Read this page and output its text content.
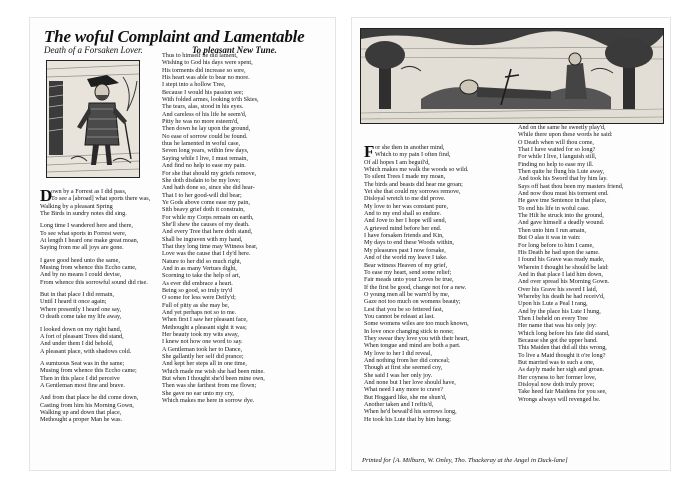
The woful Complaint and Lamentable
Death of a Forsaken Lover.	To pleasant New Tune.
D
own by a Forrest as I did pass,
To see a [abroad] what sports there was,
Walking by a pleasant Spring
The Birds in sundry notes did sing.
Long time I wandered here and there,
To see what sports in Forrest were,
At length I heard one make great moan,
Saying from me all joys are gone.
I gave good heed unto the same,
Musing from whence this Eccho came,
And by no means I could devise,
From whence this sorrowful sound did rise.
But in that place I did remain,
Until I heard it once again;
Where presently I heard one say,
O death come take my life away,
I looked down on my right hand,
A fort of pleasant Trees did stand,
And under them I did behold,
A pleasant place, with shadows cold.
A sumtuous Seat was in the same;
Musing from whence this Eccho came;
Then in this place I did perceive
A Gentleman most fine and brave.
And from that place he did come down,
Casting from him his Morning Gown,
Walking up and down that place,
Methought a proper Man he was.
Thus to himself he did lament,
Wishing to God his days were spent,
His torments did increase so sore,
His heart was able to bear no more.
I stept into a hollow Tree,
Because I would his passion see;
With folded armes, looking to'th Skies,
The tears, alas, stood in his eyes.
And careless of his life he seem'd,
Pitty he was no more esteem'd,
Then down he lay upon the ground,
No ease of sorrow could be found.
thus he lamented in woful case,
Seven long years, within few days,
Saying while I live, I must remain,
And find no help to ease my pain.
For she that should my griefs remove,
She doth disdain to be my love;
And hath done so, since she did hear-
That I to her good-will did bear;
Ye Gods above come ease my pain,
Sith beavy grief doth it constrain,
For while my Corps remain on earth,
She'll shew the causes of my death.
And every Tree that here doth stand,
Shall be ingraven with my hand,
That they long time may Witness bear,
Love was the cause that I dy'd here.
Nature to her did so much right,
And in as many Vertues dight,
Scorning to take the help of art,
As ever did embrace a heart.
Being so good, so truly try'd
O some for less were Deify'd;
Full of pitty as she may be,
And yet perhaps not so to me.
When first I saw her pleasant face,
Methought a pleasant sight it was;
Her beauty took my wits away,
I knew not how one word to say.
A Gentleman took her to Dance,
She gallantly her self did prance;
And kept her steps all in one time,
Which made me wish she had been mine.
But when I thought she'd been mine own,
Then was she farthest from me flown;
She gave no ear unto my cry,
Which makes me here in sorrow dye.
F or she then in another mind,
Which to my pain I often find,
Of all hopes I am beguil'd,
Which makes me walk the woods so wild.
To silent Trees I made my moan,
The birds and beasts did hear me groan;
Yet she that could my sorrows remove,
Disloyal wretch to me did prove.
My love to her was constant pure,
And to my end shall so endure.
And Jove to her I hope will send,
A grieved mind before her end.
I have forsaken friends and Kin,
My days to end these Woods within,
My pleasures past I now forsake,
And of the world my leave I take.
Bear witness Heaven of my grief,
To ease my heart, send some relief;
Fair meads unto your Loves be true,
If the first be good, change not for a new.
O young men all be warn'd by me,
Gaze not too much on womens beauty;
Lest that you be so fettered fast,
You cannot be releast at last.
Some womens wiles are too much known,
In love once changing stick to none;
They swear they love you with their heart,
When tongue and mind are both a part.
My love to her I did reveal,
And nothing from her did conceal;
Though at first she seemed coy,
She said I was her only joy.
And none but I her love should have,
What need I any more to crave?
But Hoggard like, she me shun'd,
Another taken and I reftis'd,
When he'd bewail'd his sorrows long,
He took his Lute that by him hung;
And on the same he sweetly play'd,
While there upon these words he said:
O Death when will thou come,
That I have waited for so long?
For while I live, I languish still,
Finding no help to ease my ill.
Then quite he flung his Lute away,
And took his Sword that by him lay.
Says off hast thou been my masters friend,
And now thou must his torment end.
He gave tme Sentence in that place,
To end his life in woful case.
The Hilt he struck into the ground,
And gave himself a deadly wound.
Then unto him I run amain,
But O alas it was in vain:
For long before to him I came,
His Death he had upon the same.
I found his Grave was ready made,
Wherein I thought he should be laid:
And in that place I laid him down,
And over spread his Morning Gown.
Over his Grave his sword I laid,
Whereby his death he had receiv'd,
Upon his Lute a Peal I rang,
And by the place his Lute I hung,
Then I beheld on every Tree
Her name that was his only joy:
Which long before his fate did stand,
Because she got the upper hand.
This Maiden that did all this wrong,
To live a Maid thought it o're long?
But married was to such a one,
As dayly made her sigh and groan.
Her coyness to her former love,
Disloyal now doth truly prove;
Take heed fair Maidens for you see,
Wrongs always will revenged be.
Printed for [A. Milburn, W. Onley, Tho. Thackeray at the Angel in Duck-lane]
